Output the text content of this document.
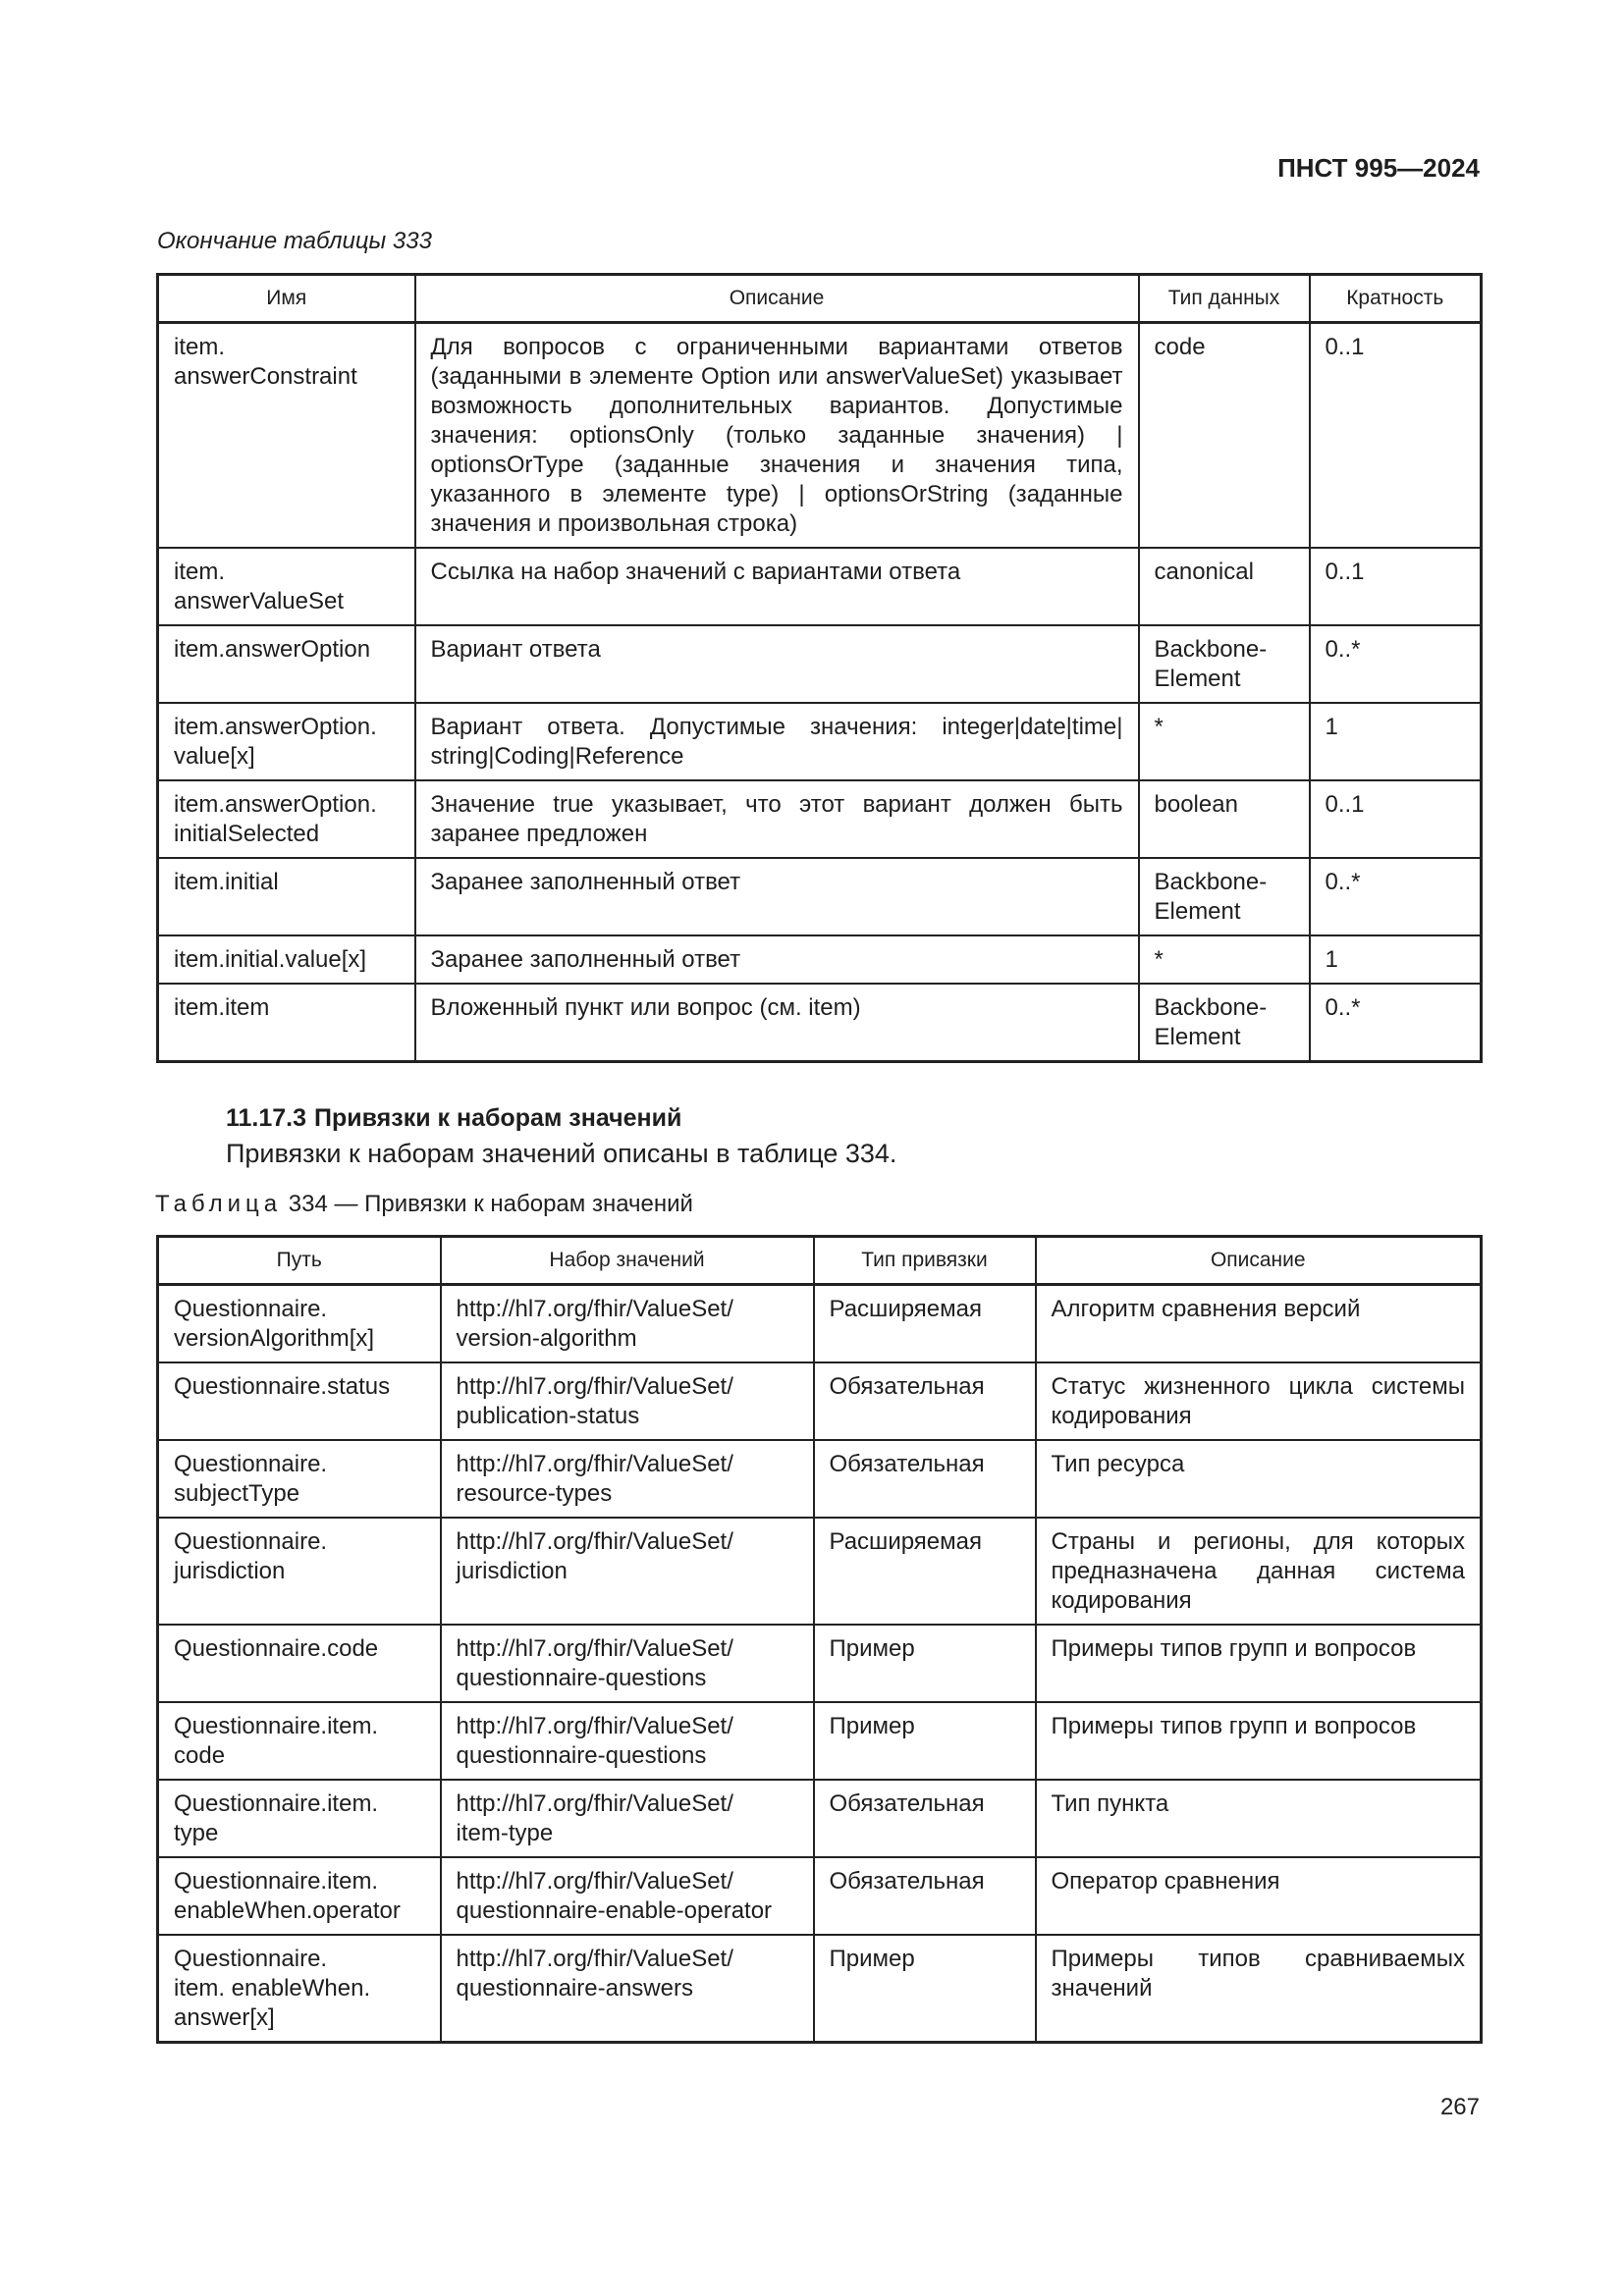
ПНСТ 995—2024
Окончание таблицы 333
Имя	Описание	Тип данных	Кратность

item.
answerConstraint	Для вопросов с ограниченными вариантами ответов (заданными в элементе Option или answerValueSet) указывает возможность дополнительных вариантов. Допустимые значения: optionsOnly (только заданные значения) | optionsOrType (заданные значения и значения типа, указанного в элементе type) | optionsOrString (заданные значения и произвольная строка)	code	0..1

item.
answerValueSet	Ссылка на набор значений с вариантами ответа	canonical	0..1

item.answerOption	Вариант ответа	Backbone-
Element	0..*

item.answerOption.
value[x]	Вариант ответа. Допустимые значения: integer|date|time| string|Coding|Reference	*	1

item.answerOption.
initialSelected	Значение true указывает, что этот вариант должен быть заранее предложен	boolean	0..1

item.initial	Заранее заполненный ответ	Backbone-
Element	0..*

item.initial.value[x]	Заранее заполненный ответ	*	1

item.item	Вложенный пункт или вопрос (см. item)	Backbone-
Element	0..*
11.17.3 Привязки к наборам значений
Привязки к наборам значений описаны в таблице 334.
Таблица 334 — Привязки к наборам значений
Путь	Набор значений	Тип привязки	Описание

Questionnaire.
versionAlgorithm[x]	http://hl7.org/fhir/ValueSet/
version-algorithm	Расширяемая	Алгоритм сравнения версий

Questionnaire.status	http://hl7.org/fhir/ValueSet/
publication-status	Обязательная	Статус жизненного цикла системы кодирования

Questionnaire.
subjectType	http://hl7.org/fhir/ValueSet/
resource-types	Обязательная	Тип ресурса

Questionnaire.
jurisdiction	http://hl7.org/fhir/ValueSet/
jurisdiction	Расширяемая	Страны и регионы, для которых предназначена данная система кодирования

Questionnaire.code	http://hl7.org/fhir/ValueSet/
questionnaire-questions	Пример	Примеры типов групп и вопросов

Questionnaire.item.
code	http://hl7.org/fhir/ValueSet/
questionnaire-questions	Пример	Примеры типов групп и вопросов

Questionnaire.item.
type	http://hl7.org/fhir/ValueSet/
item-type	Обязательная	Тип пункта

Questionnaire.item.
enableWhen.operator	http://hl7.org/fhir/ValueSet/
questionnaire-enable-operator	Обязательная	Оператор сравнения

Questionnaire.
item. enableWhen.
answer[x]	http://hl7.org/fhir/ValueSet/
questionnaire-answers	Пример	Примеры типов сравниваемых значений
267
